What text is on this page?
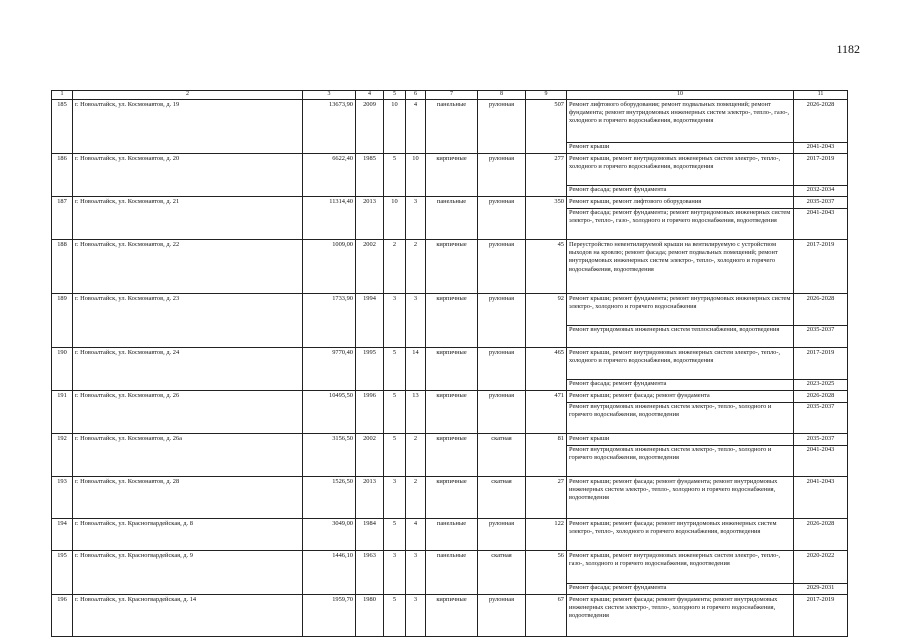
1182
1	2	3	4	5	6	7	8	9	10	11
185	г. Новоалтайск, ул. Космонавтов, д. 19	13673,90	2009	10	4	панельные	рулонная	507	Ремонт лифтового оборудования; ремонт подвальных помещений; ремонт фундамента; ремонт внутридомовых инженерных систем электро-, тепло-, газо-, холодного и горячего водоснабжения, водоотведения	2026-2028
									Ремонт крыши	2041-2043
186	г. Новоалтайск, ул. Космонавтов, д. 20	6622,40	1985	5	10	кирпичные	рулонная	277	Ремонт крыши, ремонт внутридомовых инженерных систем электро-, тепло-, холодного и горячего водоснабжения, водоотведения	2017-2019
									Ремонт фасада; ремонт фундамента	2032-2034
187	г. Новоалтайск, ул. Космонавтов, д. 21	11314,40	2013	10	3	панельные	рулонная	350	Ремонт крыши, ремонт лифтового оборудования	2035-2037
									Ремонт фасада; ремонт фундамента; ремонт внутридомовых инженерных систем электро-, тепло-, газо-, холодного и горячего водоснабжения, водоотведения	2041-2043
188	г. Новоалтайск, ул. Космонавтов, д. 22	1009,00	2002	2	2	кирпичные	рулонная	45	Переустройство невентилируемой крыши на вентилируемую с устройством выходов на кровлю; ремонт фасада; ремонт подвальных помещений; ремонт внутридомовых инженерных систем электро-, тепло-, холодного и горячего водоснабжения, водоотведения	2017-2019
189	г. Новоалтайск, ул. Космонавтов, д. 23	1733,90	1994	3	3	кирпичные	рулонная	92	Ремонт крыши; ремонт фундамента; ремонт внутридомовых инженерных систем электро-, холодного и горячего водоснабжения	2026-2028
									Ремонт внутридомовых инженерных систем теплоснабжения, водоотведения	2035-2037
190	г. Новоалтайск, ул. Космонавтов, д. 24	9770,40	1995	5	14	кирпичные	рулонная	465	Ремонт крыши, ремонт внутридомовых инженерных систем электро-, тепло-, холодного и горячего водоснабжения, водоотведения	2017-2019
									Ремонт фасада; ремонт фундамента	2023-2025
191	г. Новоалтайск, ул. Космонавтов, д. 26	10495,50	1996	5	13	кирпичные	рулонная	471	Ремонт крыши; ремонт фасада; ремонт фундамента	2026-2028
									Ремонт внутридомовых инженерных систем электро-, тепло-, холодного и горячего водоснабжения, водоотведения	2035-2037
192	г. Новоалтайск, ул. Космонавтов, д. 26а	3156,50	2002	5	2	кирпичные	скатная	81	Ремонт крыши	2035-2037
									Ремонт внутридомовых инженерных систем электро-, тепло-, холодного и горячего водоснабжения, водоотведения	2041-2043
193	г. Новоалтайск, ул. Космонавтов, д. 28	1526,50	2013	3	2	кирпичные	скатная	27	Ремонт крыши; ремонт фасада; ремонт фундамента; ремонт внутридомовых инженерных систем электро-, тепло-, холодного и горячего водоснабжения, водоотведения	2041-2043
194	г. Новоалтайск, ул. Красногвардейская, д. 8	3049,00	1984	5	4	панельные	рулонная	122	Ремонт крыши; ремонт фасада; ремонт внутридомовых инженерных систем электро-, тепло-, холодного и горячего водоснабжения, водоотведения	2026-2028
195	г. Новоалтайск, ул. Красногвардейская, д. 9	1446,10	1963	3	3	панельные	скатная	56	Ремонт крыши, ремонт внутридомовых инженерных систем электро-, тепло-, газо-, холодного и горячего водоснабжения, водоотведения	2020-2022
									Ремонт фасада; ремонт фундамента	2029-2031
196	г. Новоалтайск, ул. Красногвардейская, д. 14	1959,70	1980	5	3	кирпичные	рулонная	67	Ремонт крыши; ремонт фасада; ремонт фундамента; ремонт внутридомовых инженерных систем электро-, тепло-, холодного и горячего водоснабжения, водоотведения	2017-2019
